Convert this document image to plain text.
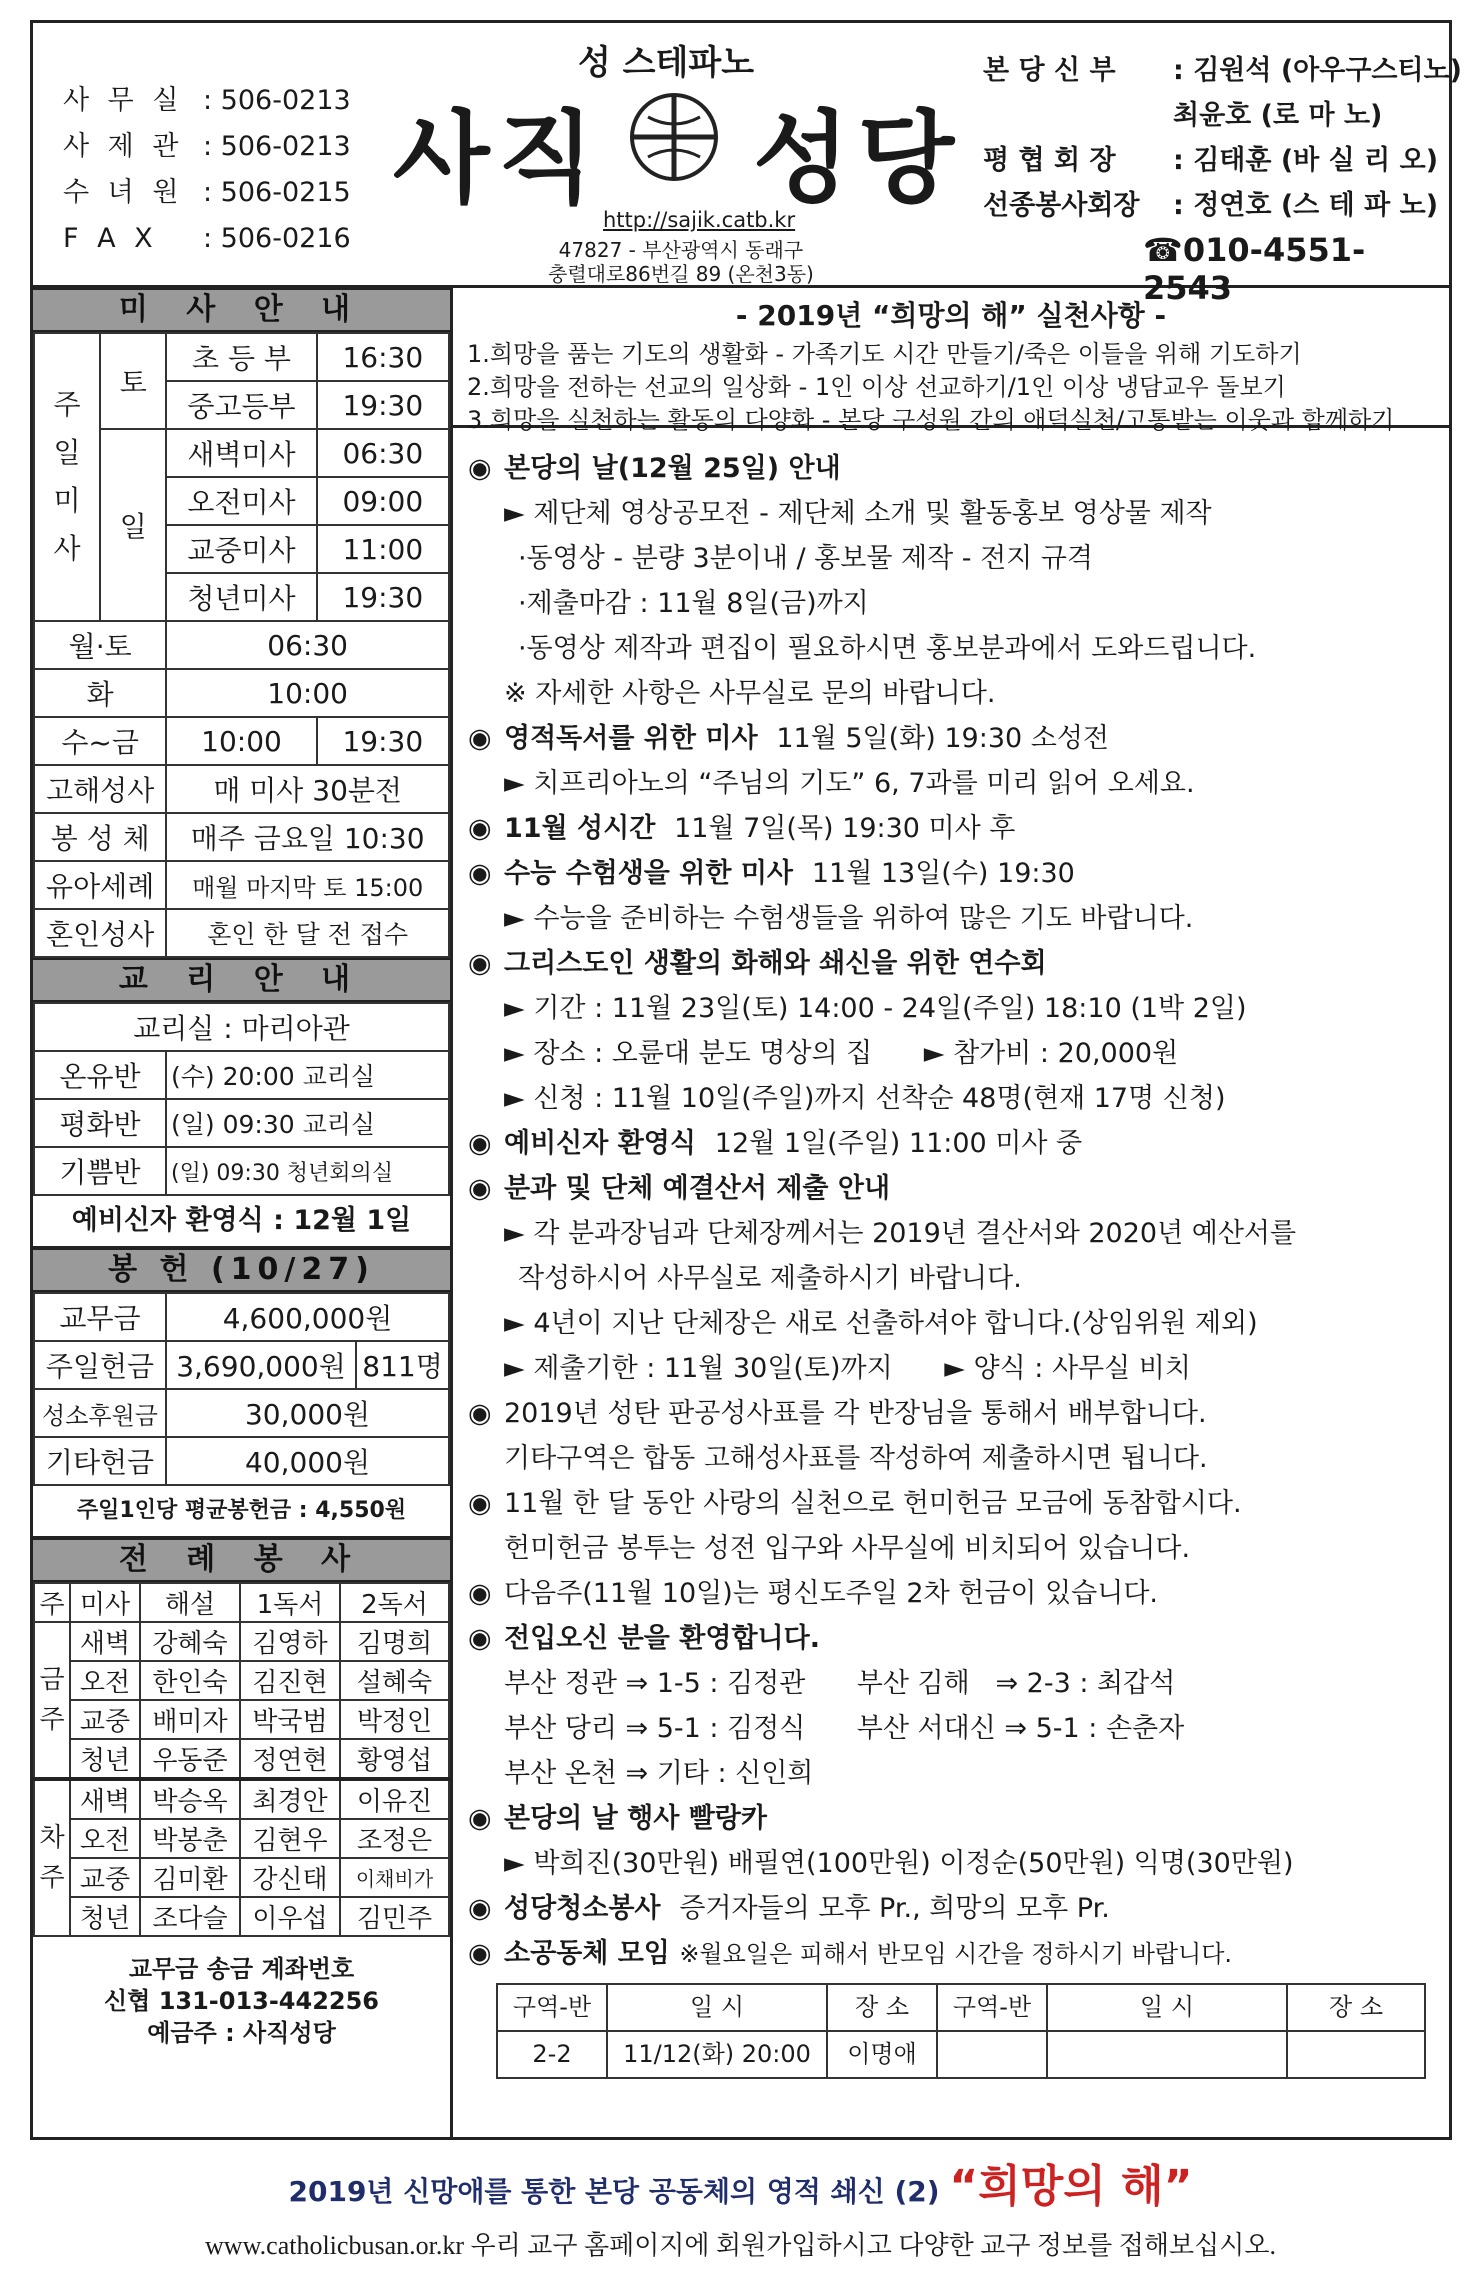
사 무 실 : 506-0213
사 제 관 : 506-0213
수 녀 원 : 506-0215
F A X : 506-0216
성 스테파노
사직 성당
http://sajik.catb.kr
47827 - 부산광역시 동래구
충렬대로86번길 89 (온천3동)
본 당 신 부 : 김원석 (아우구스티노)
최윤호 (로 마 노)
평 협 회 장 : 김태훈 (바 실 리 오)
선종봉사회장 : 정연호 (스 테 파 노)
☎010-4551-2543
미 사 안 내
주일미사	토	초 등 부	16:30
		중고등부	19:30
	일	새벽미사	06:30
		오전미사	09:00
		교중미사	11:00
		청년미사	19:30
월·토		06:30	
화		10:00	
수~금		10:00	19:30
고해성사		매 미사 30분전	
봉 성 체		매주 금요일 10:30	
유아세례		매월 마지막 토 15:00	
혼인성사		혼인 한 달 전 접수	
교 리 안 내
교리실 : 마리아관	
온유반	(수) 20:00 교리실
평화반	(일) 09:30 교리실
기쁨반	(일) 09:30 청년회의실
예비신자 환영식 : 12월 1일
봉 헌 (10/27)
교무금	4,600,000원	
주일헌금	3,690,000원	811명
성소후원금	30,000원	
기타헌금	40,000원	
주일1인당 평균봉헌금 : 4,550원
전 례 봉 사
주	미사	해설	1독서	2독서
금주	새벽	강혜숙	김영하	김명희
	오전	한인숙	김진현	설혜숙
	교중	배미자	박국범	박정인
	청년	우동준	정연현	황영섭
차주	새벽	박승옥	최경안	이유진
	오전	박봉춘	김현우	조정은
	교중	김미환	강신태	이채비가
	청년	조다슬	이우섭	김민주
교무금 송금 계좌번호
신협 131-013-442256
예금주 : 사직성당
- 2019년 “희망의 해” 실천사항 -
1.희망을 품는 기도의 생활화 - 가족기도 시간 만들기/죽은 이들을 위해 기도하기
2.희망을 전하는 선교의 일상화 - 1인 이상 선교하기/1인 이상 냉담교우 돌보기
3.희망을 실천하는 활동의 다양화 - 본당 구성원 간의 애덕실천/고통받는 이웃과 함께하기
◉ 본당의 날(12월 25일) 안내
► 제단체 영상공모전 - 제단체 소개 및 활동홍보 영상물 제작
·동영상 - 분량 3분이내 / 홍보물 제작 - 전지 규격
·제출마감 : 11월 8일(금)까지
·동영상 제작과 편집이 필요하시면 홍보분과에서 도와드립니다.
※ 자세한 사항은 사무실로 문의 바랍니다.
◉ 영적독서를 위한 미사 11월 5일(화) 19:30 소성전
► 치프리아노의 “주님의 기도” 6, 7과를 미리 읽어 오세요.
◉ 11월 성시간 11월 7일(목) 19:30 미사 후
◉ 수능 수험생을 위한 미사 11월 13일(수) 19:30
► 수능을 준비하는 수험생들을 위하여 많은 기도 바랍니다.
◉ 그리스도인 생활의 화해와 쇄신을 위한 연수회
► 기간 : 11월 23일(토) 14:00 - 24일(주일) 18:10 (1박 2일)
► 장소 : 오륜대 분도 명상의 집      ► 참가비 : 20,000원
► 신청 : 11월 10일(주일)까지 선착순 48명(현재 17명 신청)
◉ 예비신자 환영식 12월 1일(주일) 11:00 미사 중
◉ 분과 및 단체 예결산서 제출 안내
► 각 분과장님과 단체장께서는 2019년 결산서와 2020년 예산서를
작성하시어 사무실로 제출하시기 바랍니다.
► 4년이 지난 단체장은 새로 선출하셔야 합니다.(상임위원 제외)
► 제출기한 : 11월 30일(토)까지      ► 양식 : 사무실 비치
◉ 2019년 성탄 판공성사표를 각 반장님을 통해서 배부합니다.
기타구역은 합동 고해성사표를 작성하여 제출하시면 됩니다.
◉ 11월 한 달 동안 사랑의 실천으로 헌미헌금 모금에 동참합시다.
헌미헌금 봉투는 성전 입구와 사무실에 비치되어 있습니다.
◉ 다음주(11월 10일)는 평신도주일 2차 헌금이 있습니다.
◉ 전입오신 분을 환영합니다.
부산 정관 ⇒ 1-5 : 김정관      부산 김해   ⇒ 2-3 : 최갑석
부산 당리 ⇒ 5-1 : 김정식      부산 서대신 ⇒ 5-1 : 손춘자
부산 온천 ⇒ 기타 : 신인희
◉ 본당의 날 행사 빨랑카
► 박희진(30만원) 배필연(100만원) 이정순(50만원) 익명(30만원)
◉ 성당청소봉사 증거자들의 모후 Pr., 희망의 모후 Pr.
◉ 소공동체 모임 ※월요일은 피해서 반모임 시간을 정하시기 바랍니다.
구역-반	일 시	장 소	구역-반	일 시	장 소
2-2	11/12(화) 20:00	이명애			
2019년 신망애를 통한 본당 공동체의 영적 쇄신 (2) “희망의 해”
www.catholicbusan.or.kr 우리 교구 홈페이지에 회원가입하시고 다양한 교구 정보를 접해보십시오.
